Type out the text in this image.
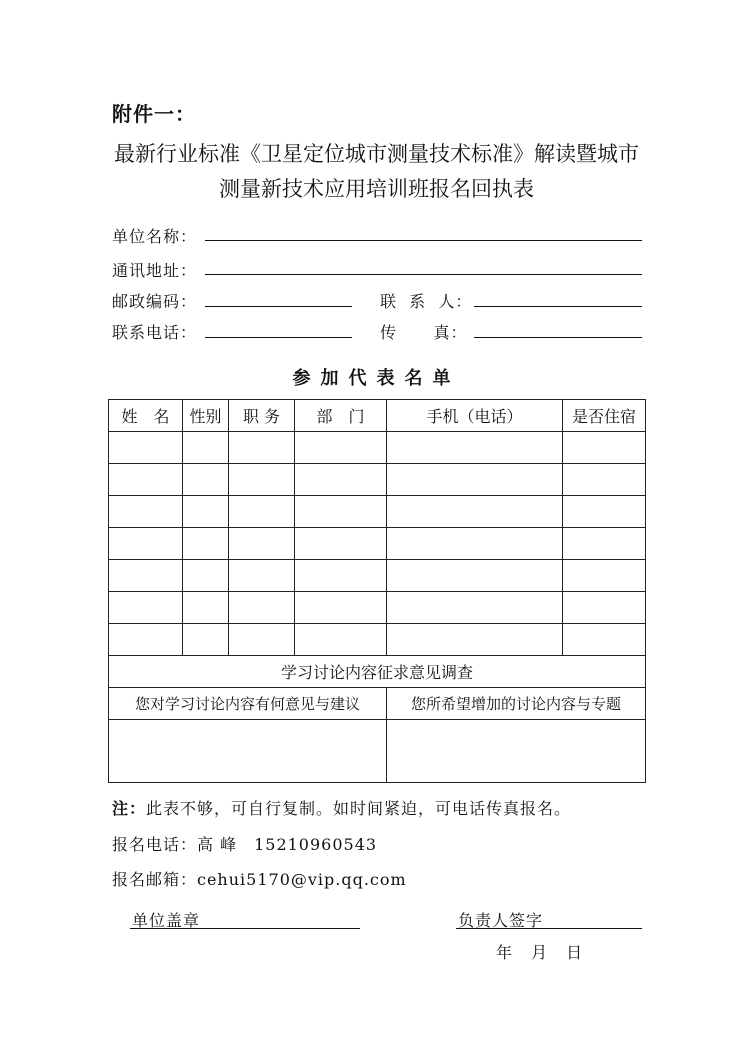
附件一：
最新行业标准《卫星定位城市测量技术标准》解读暨城市
测量新技术应用培训班报名回执表
单位名称：
通讯地址：
邮政编码：	联  系  人：
联系电话：	传      真：
参加代表名单
姓　名	性别	职 务	部　门	手机（电话）	是否住宿

学习讨论内容征求意见调查					
您对学习讨论内容有何意见与建议				您所希望增加的讨论内容与专题	

注：此表不够，可自行复制。如时间紧迫，可电话传真报名。
报名电话：高 峰　15210960543
报名邮箱：cehui5170@vip.qq.com
单位盖章	负责人签字
年 月 日
